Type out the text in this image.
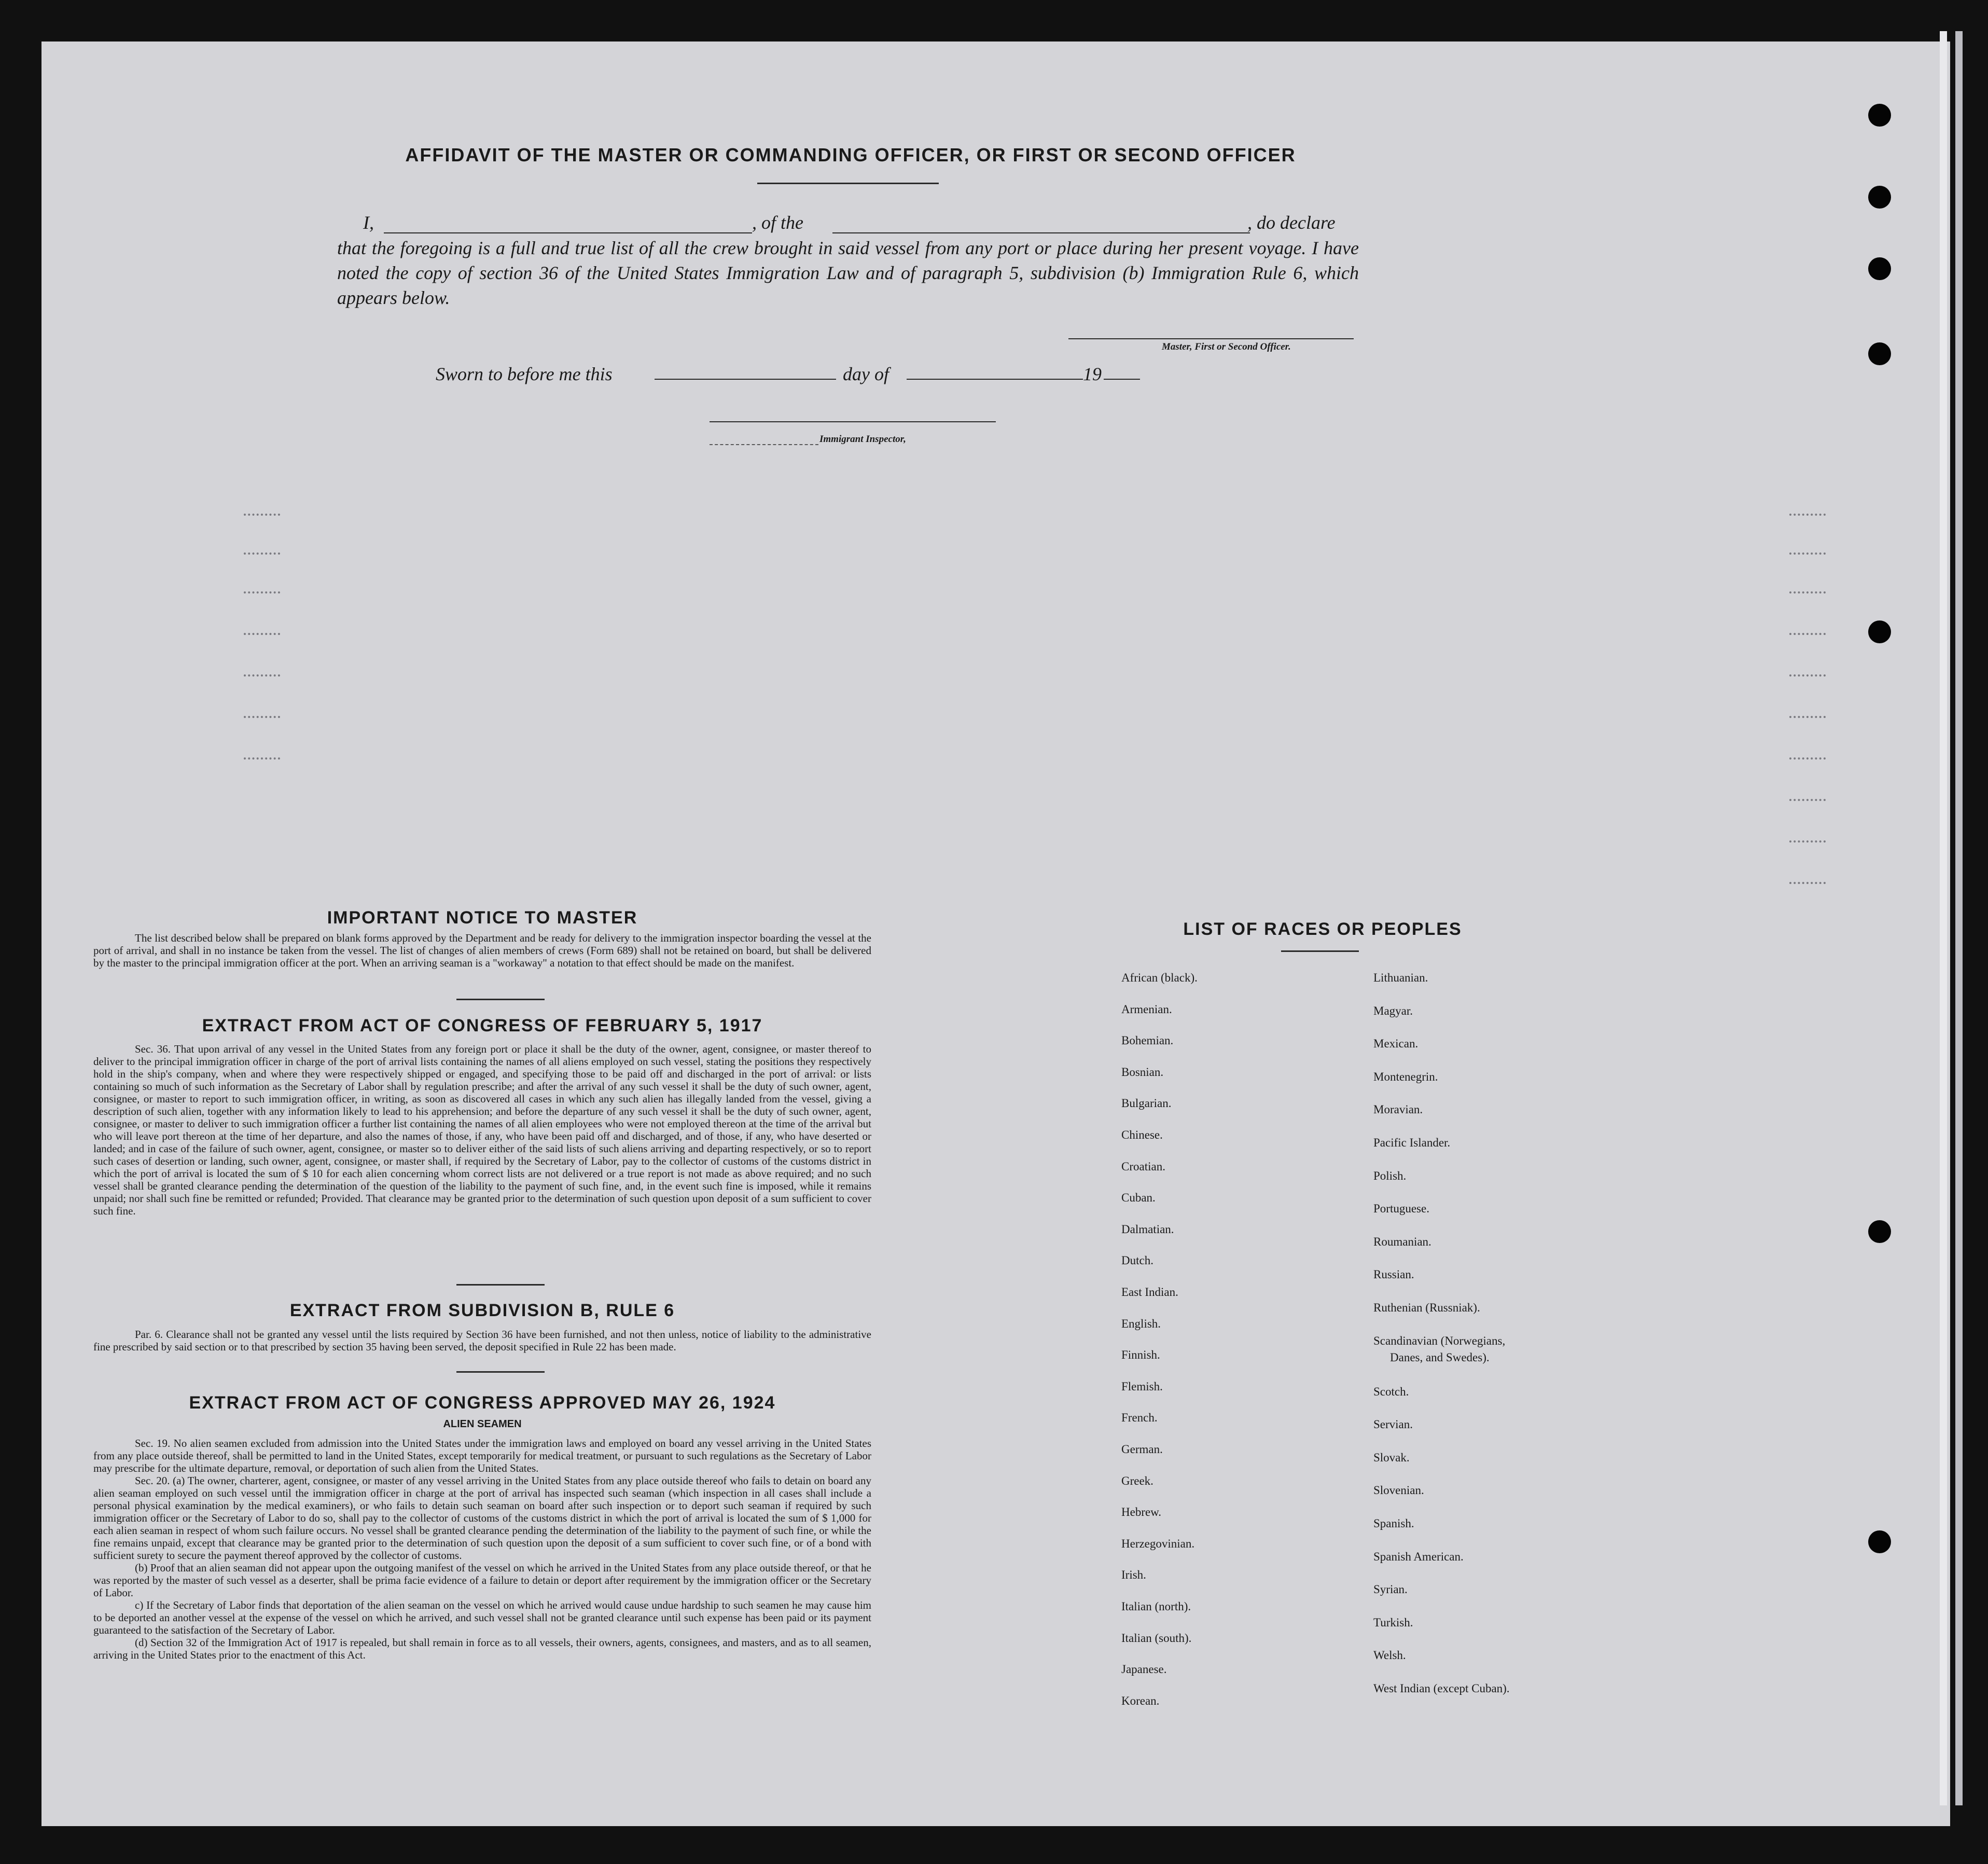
AFFIDAVIT OF THE MASTER OR COMMANDING OFFICER, OR FIRST OR SECOND OFFICER
I,	, of the	, do declare
that the foregoing is a full and true list of all the crew brought in said vessel from any port or place during her present voyage. I have noted the copy of section 36 of the United States Immigration Law and of paragraph 5, subdivision (b) Immigration Rule 6, which appears below.
Master, First or Second Officer.
Sworn to before me this	day of	19
Immigrant Inspector,
IMPORTANT NOTICE TO MASTER

The list described below shall be prepared on blank forms approved by the Department and be ready for delivery to the immigration inspector boarding the vessel at the port of arrival, and shall in no instance be taken from the vessel. The list of changes of alien members of crews (Form 689) shall not be retained on board, but shall be delivered by the master to the principal immigration officer at the port. When an arriving seaman is a "workaway" a notation to that effect should be made on the manifest.

EXTRACT FROM ACT OF CONGRESS OF FEBRUARY 5, 1917

Sec. 36. That upon arrival of any vessel in the United States from any foreign port or place it shall be the duty of the owner, agent, consignee, or master thereof to deliver to the principal immigration officer in charge of the port of arrival lists containing the names of all aliens employed on such vessel, stating the positions they respectively hold in the ship's company, when and where they were respectively shipped or engaged, and specifying those to be paid off and discharged in the port of arrival: or lists containing so much of such information as the Secretary of Labor shall by regulation prescribe; and after the arrival of any such vessel it shall be the duty of such owner, agent, consignee, or master to report to such immigration officer, in writing, as soon as discovered all cases in which any such alien has illegally landed from the vessel, giving a description of such alien, together with any information likely to lead to his apprehension; and before the departure of any such vessel it shall be the duty of such owner, agent, consignee, or master to deliver to such immigration officer a further list containing the names of all alien employees who were not employed thereon at the time of the arrival but who will leave port thereon at the time of her departure, and also the names of those, if any, who have been paid off and discharged, and of those, if any, who have deserted or landed; and in case of the failure of such owner, agent, consignee, or master so to deliver either of the said lists of such aliens arriving and departing respectively, or so to report such cases of desertion or landing, such owner, agent, consignee, or master shall, if required by the Secretary of Labor, pay to the collector of customs of the customs district in which the port of arrival is located the sum of $ 10 for each alien concerning whom correct lists are not delivered or a true report is not made as above required; and no such vessel shall be granted clearance pending the determination of the question of the liability to the payment of such fine, and, in the event such fine is imposed, while it remains unpaid; nor shall such fine be remitted or refunded; Provided. That clearance may be granted prior to the determination of such question upon deposit of a sum sufficient to cover such fine.

EXTRACT FROM SUBDIVISION B, RULE 6

Par. 6. Clearance shall not be granted any vessel until the lists required by Section 36 have been furnished, and not then unless, notice of liability to the administrative fine prescribed by said section or to that prescribed by section 35 having been served, the deposit specified in Rule 22 has been made.

EXTRACT FROM ACT OF CONGRESS APPROVED MAY 26, 1924
ALIEN SEAMEN

Sec. 19. No alien seamen excluded from admission into the United States under the immigration laws and employed on board any vessel arriving in the United States from any place outside thereof, shall be permitted to land in the United States, except temporarily for medical treatment, or pursuant to such regulations as the Secretary of Labor may prescribe for the ultimate departure, removal, or deportation of such alien from the United States.

Sec. 20. (a) The owner, charterer, agent, consignee, or master of any vessel arriving in the United States from any place outside thereof who fails to detain on board any alien seaman employed on such vessel until the immigration officer in charge at the port of arrival has inspected such seaman (which inspection in all cases shall include a personal physical examination by the medical examiners), or who fails to detain such seaman on board after such inspection or to deport such seaman if required by such immigration officer or the Secretary of Labor to do so, shall pay to the collector of customs of the customs district in which the port of arrival is located the sum of $ 1,000 for each alien seaman in respect of whom such failure occurs. No vessel shall be granted clearance pending the determination of the liability to the payment of such fine, or while the fine remains unpaid, except that clearance may be granted prior to the determination of such question upon the deposit of a sum sufficient to cover such fine, or of a bond with sufficient surety to secure the payment thereof approved by the collector of customs.

(b) Proof that an alien seaman did not appear upon the outgoing manifest of the vessel on which he arrived in the United States from any place outside thereof, or that he was reported by the master of such vessel as a deserter, shall be prima facie evidence of a failure to detain or deport after requirement by the immigration officer or the Secretary of Labor.

c) If the Secretary of Labor finds that deportation of the alien seaman on the vessel on which he arrived would cause undue hardship to such seamen he may cause him to be deported an another vessel at the expense of the vessel on which he arrived, and such vessel shall not be granted clearance until such expense has been paid or its payment guaranteed to the satisfaction of the Secretary of Labor.

(d) Section 32 of the Immigration Act of 1917 is repealed, but shall remain in force as to all vessels, their owners, agents, consignees, and masters, and as to all seamen, arriving in the United States prior to the enactment of this Act.

LIST OF RACES OR PEOPLES
African (black).
Armenian.
Bohemian.
Bosnian.
Bulgarian.
Chinese.
Croatian.
Cuban.
Dalmatian.
Dutch.
East Indian.
English.
Finnish.
Flemish.
French.
German.
Greek.
Hebrew.
Herzegovinian.
Irish.
Italian (north).
Italian (south).
Japanese.
Korean.
Lithuanian.
Magyar.
Mexican.
Montenegrin.
Moravian.
Pacific Islander.
Polish.
Portuguese.
Roumanian.
Russian.
Ruthenian (Russniak).
Scandinavian (Norwegians,
Danes, and Swedes).
Scotch.
Servian.
Slovak.
Slovenian.
Spanish.
Spanish American.
Syrian.
Turkish.
Welsh.
West Indian (except Cuban).
